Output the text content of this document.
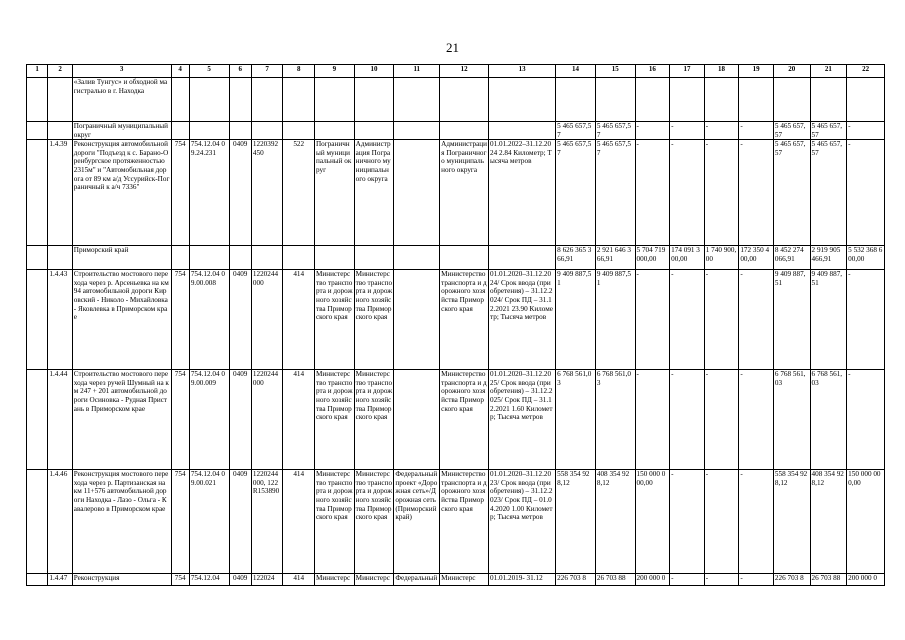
21
1	2	3	4	5	6	7	8	9	10	11	12	13	14	15	16	17	18	19	20	21	22
		«Залив Тунгус» и обходной магистралью в г. Находка																			
		Пограничный муниципальный округ											5 465 657,57	5 465 657,57	-	-	-	-	5 465 657,57	5 465 657,57	-
	1.4.39	Реконструкция автомобильной дороги "Подъезд к с. Барано-Оренбургское протяженностью 2315м" и "Автомобильная дорога от 89 км а/д Уссурийск-Пограничный к а/ч 7336"	754	754.12.04 09.24.231	0409	1220392450	522	Пограничный муниципальный округ	Администрация Пограничного муниципального округа		Администрация Пограничного муниципального округа	01.01.2022–31.12.2024 2.84 Километр; Тысяча метров	5 465 657,57	5 465 657,57	-	-	-	-	5 465 657,57	5 465 657,57	-
		Приморский край											8 626 365 366,91	2 921 646 366,91	5 704 719 000,00	174 091 300,00	1 740 900,00	172 350 400,00	8 452 274 066,91	2 919 905 466,91	5 532 368 600,00
	1.4.43	Строительство мостового перехода через р. Арсеньевка на км 94 автомобильной дороги Кировский - Николо - Михайловка - Яковлевка в Приморском крае	754	754.12.04 09.00.008	0409	1220244000	414	Министерство транспорта и дорожного хозяйства Приморского края	Министерство транспорта и дорожного хозяйства Приморского края		Министерство транспорта и дорожного хозяйства Приморского края	01.01.2020–31.12.2024/ Срок ввода (приобретения) – 31.12.2024/ Срок ПД – 31.12.2021 23.90 Километр; Тысяча метров	9 409 887,51	9 409 887,51	-	-	-	-	9 409 887,51	9 409 887,51	-
	1.4.44	Строительство мостового перехода через ручей Шумный на км 247 + 201 автомобильной дороги Осиновка - Рудная Пристань в Приморском крае	754	754.12.04 09.00.009	0409	1220244000	414	Министерство транспорта и дорожного хозяйства Приморского края	Министерство транспорта и дорожного хозяйства Приморского края		Министерство транспорта и дорожного хозяйства Приморского края	01.01.2020–31.12.2025/ Срок ввода (приобретения) – 31.12.2025/ Срок ПД – 31.12.2021 1.60 Километр; Тысяча метров	6 768 561,03	6 768 561,03	-	-	-	-	6 768 561,03	6 768 561,03	-
	1.4.46	Реконструкция мостового перехода через р. Партизанская на км 11+576 автомобильной дороги Находка - Лазо - Ольга - Кавалерово в Приморском крае	754	754.12.04 09.00.021	0409	1220244000, 122R153890	414	Министерство транспорта и дорожного хозяйства Приморского края	Министерство транспорта и дорожного хозяйства Приморского края	Федеральный проект «Дорожная сеть»/Дорожная сеть (Приморский край)	Министерство транспорта и дорожного хозяйства Приморского края	01.01.2020–31.12.2023/ Срок ввода (приобретения) – 31.12.2023/ Срок ПД – 01.04.2020 1.00 Километр; Тысяча метров	558 354 928,12	408 354 928,12	150 000 000,00	-	-	-	558 354 928,12	408 354 928,12	150 000 000,00
	1.4.47	Реконструкция	754	754.12.04	0409	122024	414	Министерс	Министерс	Федеральный	Министерс	01.01.2019- 31.12	226 703 8	26 703 88	200 000 0	-	-	-	226 703 8	26 703 88	200 000 0
